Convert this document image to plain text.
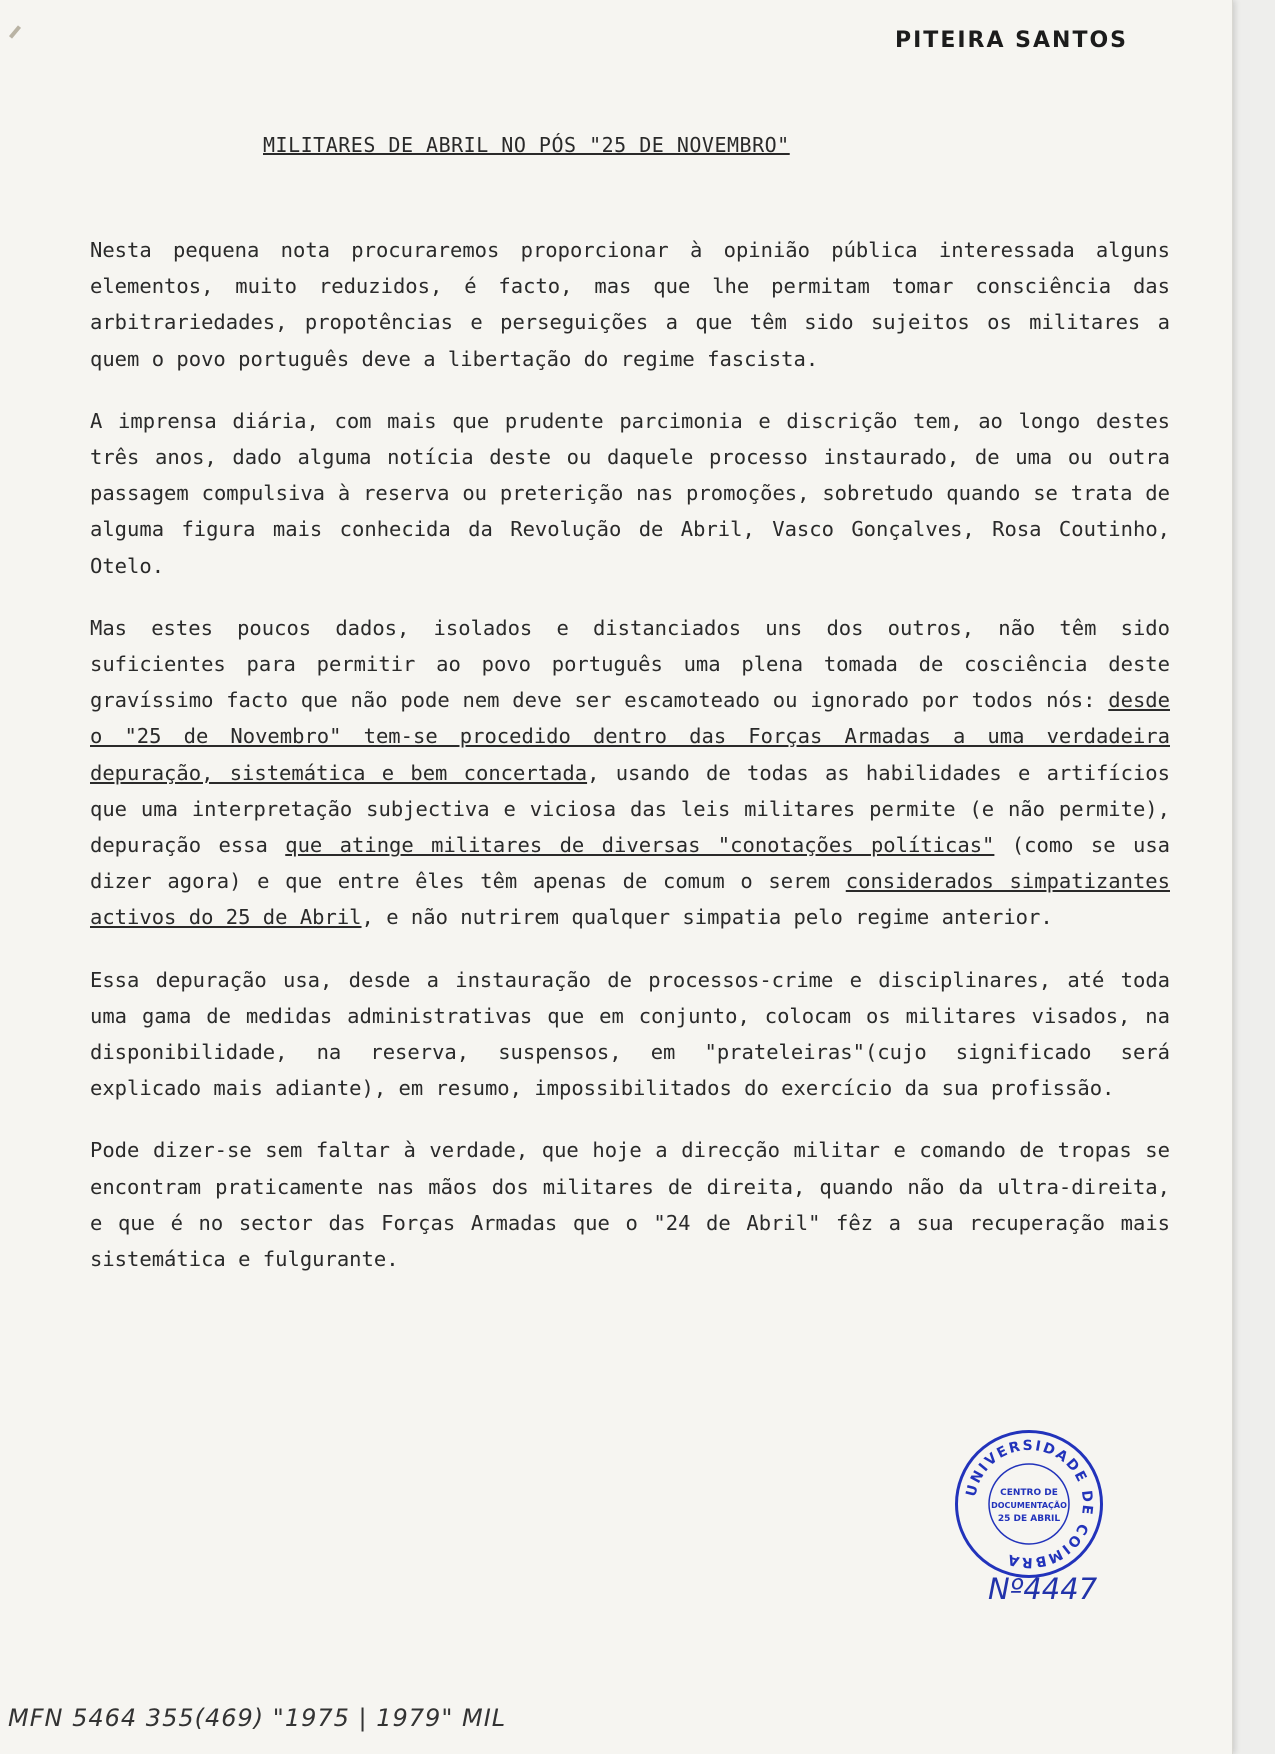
PITEIRA SANTOS
MILITARES DE ABRIL NO PÓS "25 DE NOVEMBRO"

Nesta pequena nota procuraremos proporcionar à opinião pública interessada alguns elementos, muito reduzidos, é facto, mas que lhe permitam tomar consciência das arbitrariedades, propotências e perseguições a que têm sido sujeitos os militares a quem o povo português deve a libertação do regime fascista.

A imprensa diária, com mais que prudente parcimonia e discrição tem, ao longo destes três anos, dado alguma notícia deste ou daquele processo instaurado, de uma ou outra passagem compulsiva à reserva ou preterição nas promoções, sobretudo quando se trata de alguma figura mais conhecida da Revolução de Abril, Vasco Gonçalves, Rosa Coutinho, Otelo.

Mas estes poucos dados, isolados e distanciados uns dos outros, não têm sido suficientes para permitir ao povo português uma plena tomada de cosciência deste gravíssimo facto que não pode nem deve ser escamoteado ou ignorado por todos nós: desde o "25 de Novembro" tem-se procedido dentro das Forças Armadas a uma verdadeira depuração, sistemática e bem concertada, usando de todas as habilidades e artifícios que uma interpretação subjectiva e viciosa das leis militares permite (e não permite), depuração essa que atinge militares de diversas "conotações políticas" (como se usa dizer agora) e que entre êles têm apenas de comum o serem considerados simpatizantes activos do 25 de Abril, e não nutrirem qualquer simpatia pelo regime anterior.

Essa depuração usa, desde a instauração de processos-crime e disciplinares, até toda uma gama de medidas administrativas que em conjunto, colocam os militares visados, na disponibilidade, na reserva, suspensos, em "prateleiras"(cujo significado será explicado mais adiante), em resumo, impossibilitados do exercício da sua profissão.

Pode dizer-se sem faltar à verdade, que hoje a direcção militar e comando de tropas se encontram praticamente nas mãos dos militares de direita, quando não da ultra-direita, e que é no sector das Forças Armadas que o "24 de Abril" fêz a sua recuperação mais sistemática e fulgurante.

UNIVERSIDADE DE COIMBRA
CENTRO DE
DOCUMENTAÇÃO
25 DE ABRIL
Nº4447
MFN 5464 355(469) "1975 | 1979" MIL
